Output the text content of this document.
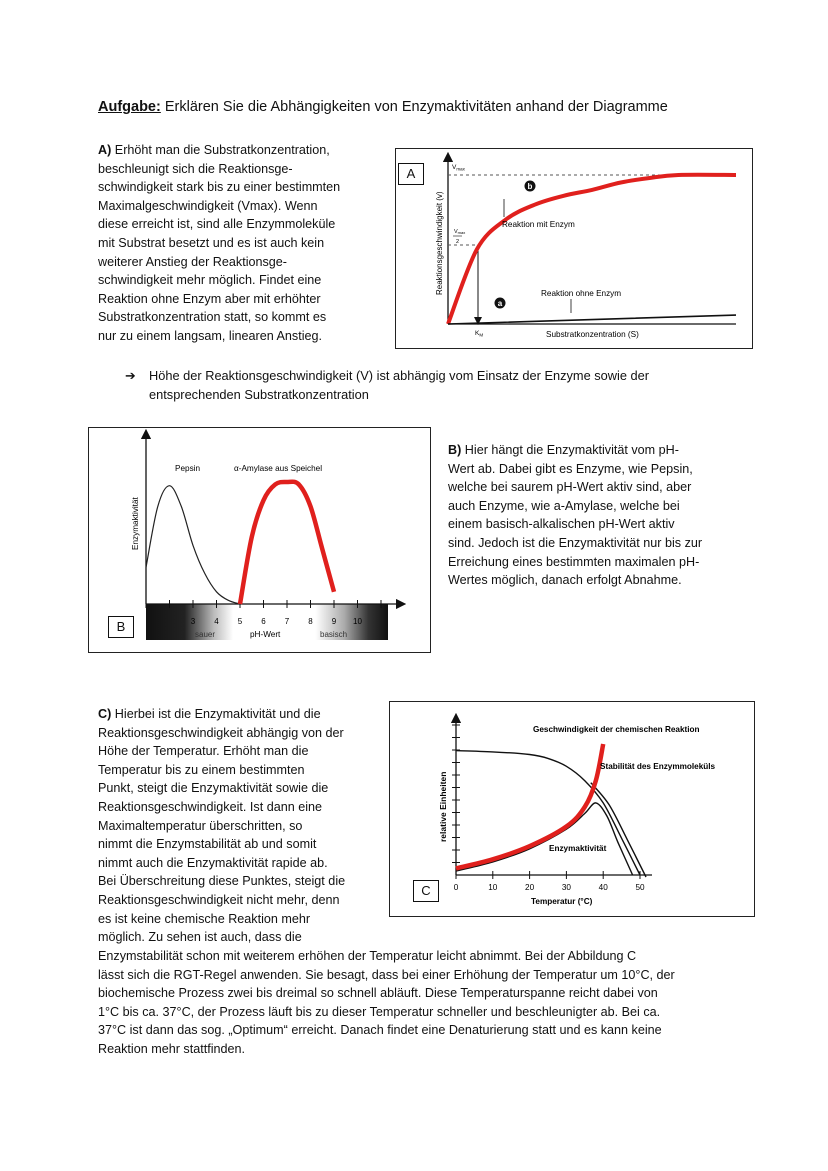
Aufgabe: Erklären Sie die Abhängigkeiten von Enzymaktivitäten anhand der Diagramme
A) Erhöht man die Substratkonzentration,
beschleunigt sich die Reaktionsge-
schwindigkeit stark bis zu einer bestimmten
Maximalgeschwindigkeit (Vmax). Wenn
diese erreicht ist, sind alle Enzymmoleküle
mit Substrat besetzt und es ist auch kein
weiterer Anstieg der Reaktionsge-
schwindigkeit mehr möglich. Findet eine
Reaktion ohne Enzym aber mit erhöhter
Substratkonzentration statt, so kommt es
nur zu einem langsam, linearen Anstieg.
A
b
a
Reaktion mit Enzym
Reaktion ohne Enzym
Substratkonzentration (S)
Reaktionsgeschwindigkeit (v)
$V_{max}$
Vmax
2
$K_M$
➔ Höhe der Reaktionsgeschwindigkeit (V) ist abhängig vom Einsatz der Enzyme sowie der
entsprechenden Substratkonzentration
3 4 5 6 7 8 9 10
Pepsin	α-Amylase aus Speichel
Enzymaktivität
pH-Wert
sauer	basisch
B
B) Hier hängt die Enzymaktivität vom pH-
Wert ab. Dabei gibt es Enzyme, wie Pepsin,
welche bei saurem pH-Wert aktiv sind, aber
auch Enzyme, wie a-Amylase, welche bei
einem basisch-alkalischen pH-Wert aktiv
sind. Jedoch ist die Enzymaktivität nur bis zur
Erreichung eines bestimmten maximalen pH-
Wertes möglich, danach erfolgt Abnahme.
C) Hierbei ist die Enzymaktivität und die
Reaktionsgeschwindigkeit abhängig von der
Höhe der Temperatur. Erhöht man die
Temperatur bis zu einem bestimmten
Punkt, steigt die Enzymaktivität sowie die
Reaktionsgeschwindigkeit. Ist dann eine
Maximaltemperatur überschritten, so
nimmt die Enzymstabilität ab und somit
nimmt auch die Enzymaktivität rapide ab.
Bei Überschreitung diese Punktes, steigt die
Reaktionsgeschwindigkeit nicht mehr, denn
es ist keine chemische Reaktion mehr
möglich. Zu sehen ist auch, dass die
Enzymstabilität schon mit weiterem erhöhen der Temperatur leicht abnimmt. Bei der Abbildung C
lässt sich die RGT-Regel anwenden. Sie besagt, dass bei einer Erhöhung der Temperatur um 10°C, der
biochemische Prozess zwei bis dreimal so schnell abläuft. Diese Temperaturspanne reicht dabei von
1°C bis ca. 37°C, der Prozess läuft bis zu dieser Temperatur schneller und beschleunigter ab. Bei ca.
37°C ist dann das sog. „Optimum“ erreicht. Danach findet eine Denaturierung statt und es kann keine
Reaktion mehr stattfinden.
0	10	20	30	40	50
Geschwindigkeit der chemischen Reaktion
Stabilität des Enzymmoleküls
Enzymaktivität
relative Einheiten
Temperatur (°C)
C
